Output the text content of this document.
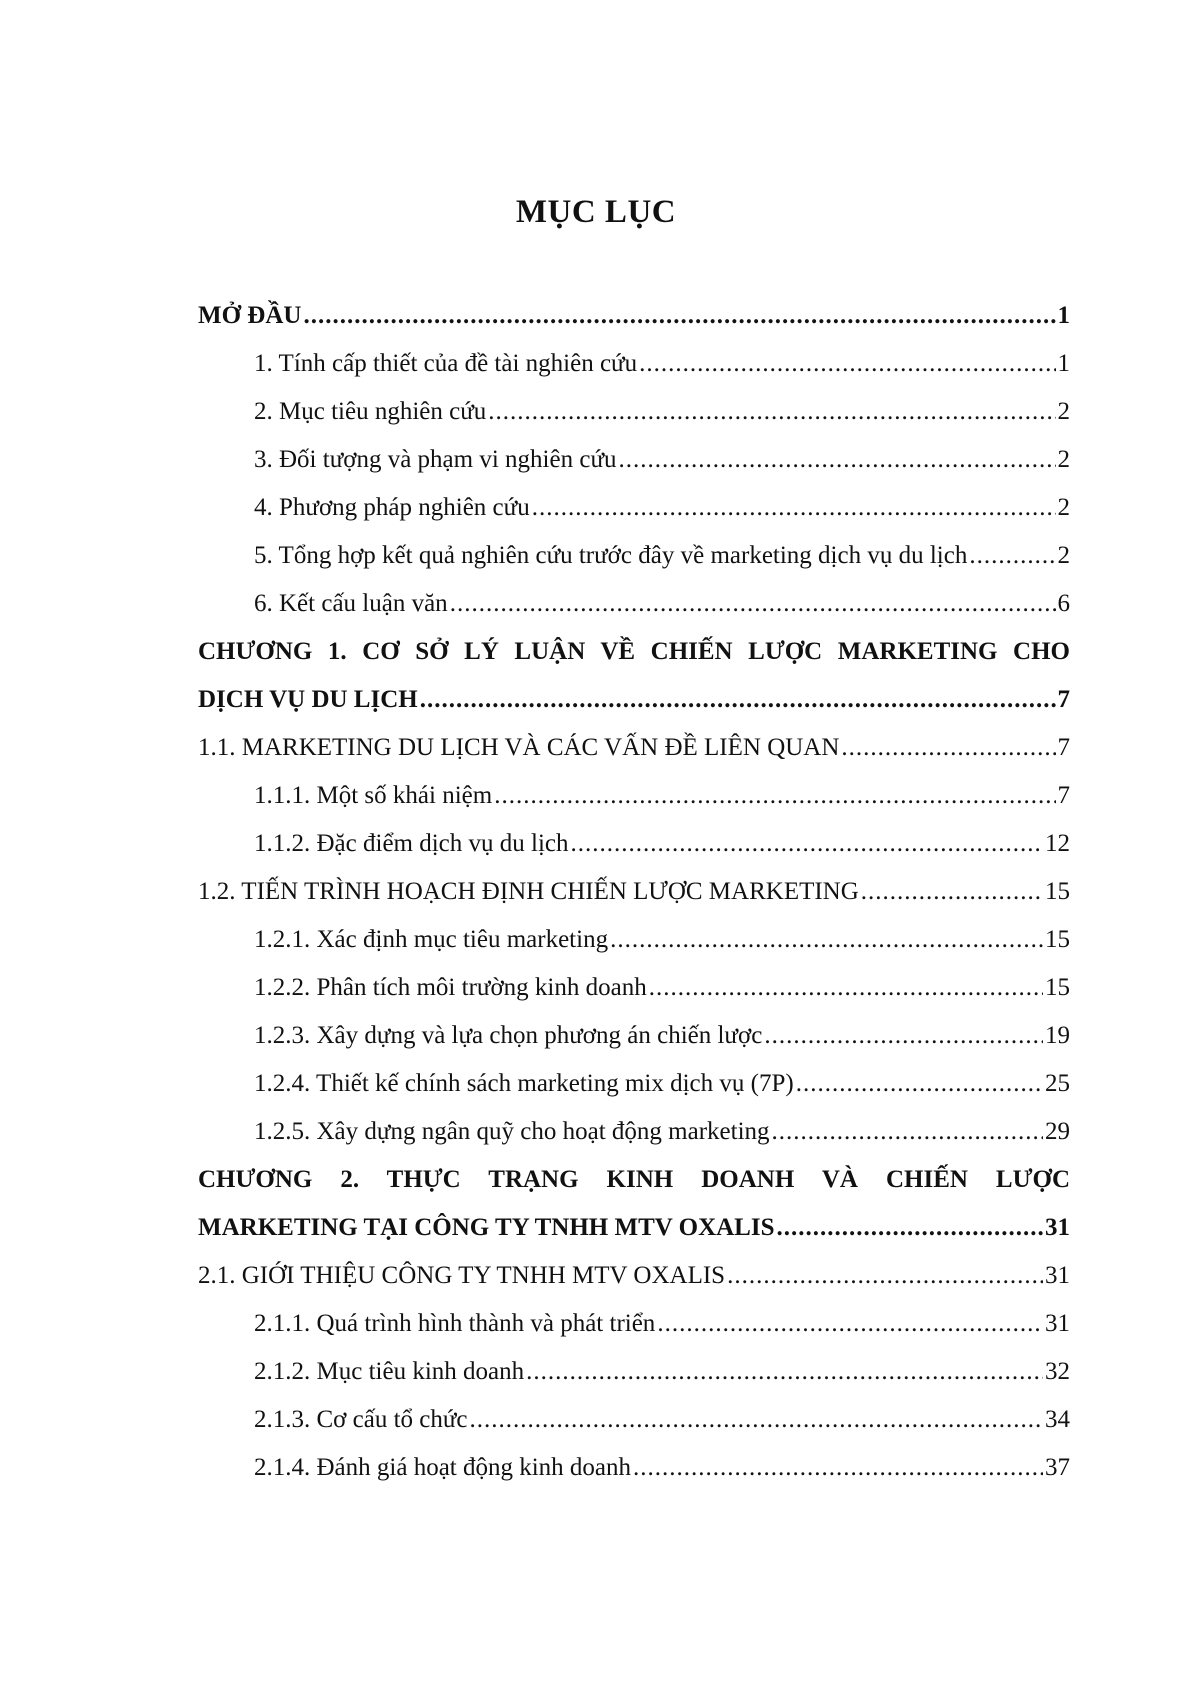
MỤC LỤC
MỞ ĐẦU .....	1
1. Tính cấp thiết của đề tài nghiên cứu .....	1
2. Mục tiêu nghiên cứu .....	2
3. Đối tượng và phạm vi nghiên cứu .....	2
4. Phương pháp nghiên cứu .....	2
5. Tổng hợp kết quả nghiên cứu trước đây về marketing dịch vụ du lịch .....	2
6. Kết cấu luận văn .....	6
CHƯƠNG 1. CƠ SỞ LÝ LUẬN VỀ CHIẾN LƯỢC MARKETING CHO
DỊCH VỤ DU LỊCH .....	7
1.1. MARKETING DU LỊCH VÀ CÁC VẤN ĐỀ LIÊN QUAN .....	7
1.1.1. Một số khái niệm .....	7
1.1.2. Đặc điểm dịch vụ du lịch .....	12
1.2. TIẾN TRÌNH HOẠCH ĐỊNH CHIẾN LƯỢC MARKETING .....	15
1.2.1. Xác định mục tiêu marketing .....	15
1.2.2. Phân tích môi trường kinh doanh .....	15
1.2.3. Xây dựng và lựa chọn phương án chiến lược .....	19
1.2.4. Thiết kế chính sách marketing mix dịch vụ (7P) .....	25
1.2.5. Xây dựng ngân quỹ cho hoạt động marketing .....	29
CHƯƠNG 2. THỰC TRẠNG KINH DOANH VÀ CHIẾN LƯỢC
MARKETING TẠI CÔNG TY TNHH MTV OXALIS .....	31
2.1. GIỚI THIỆU CÔNG TY TNHH MTV OXALIS .....	31
2.1.1. Quá trình hình thành và phát triển .....	31
2.1.2. Mục tiêu kinh doanh .....	32
2.1.3. Cơ cấu tổ chức .....	34
2.1.4. Đánh giá hoạt động kinh doanh .....	37
